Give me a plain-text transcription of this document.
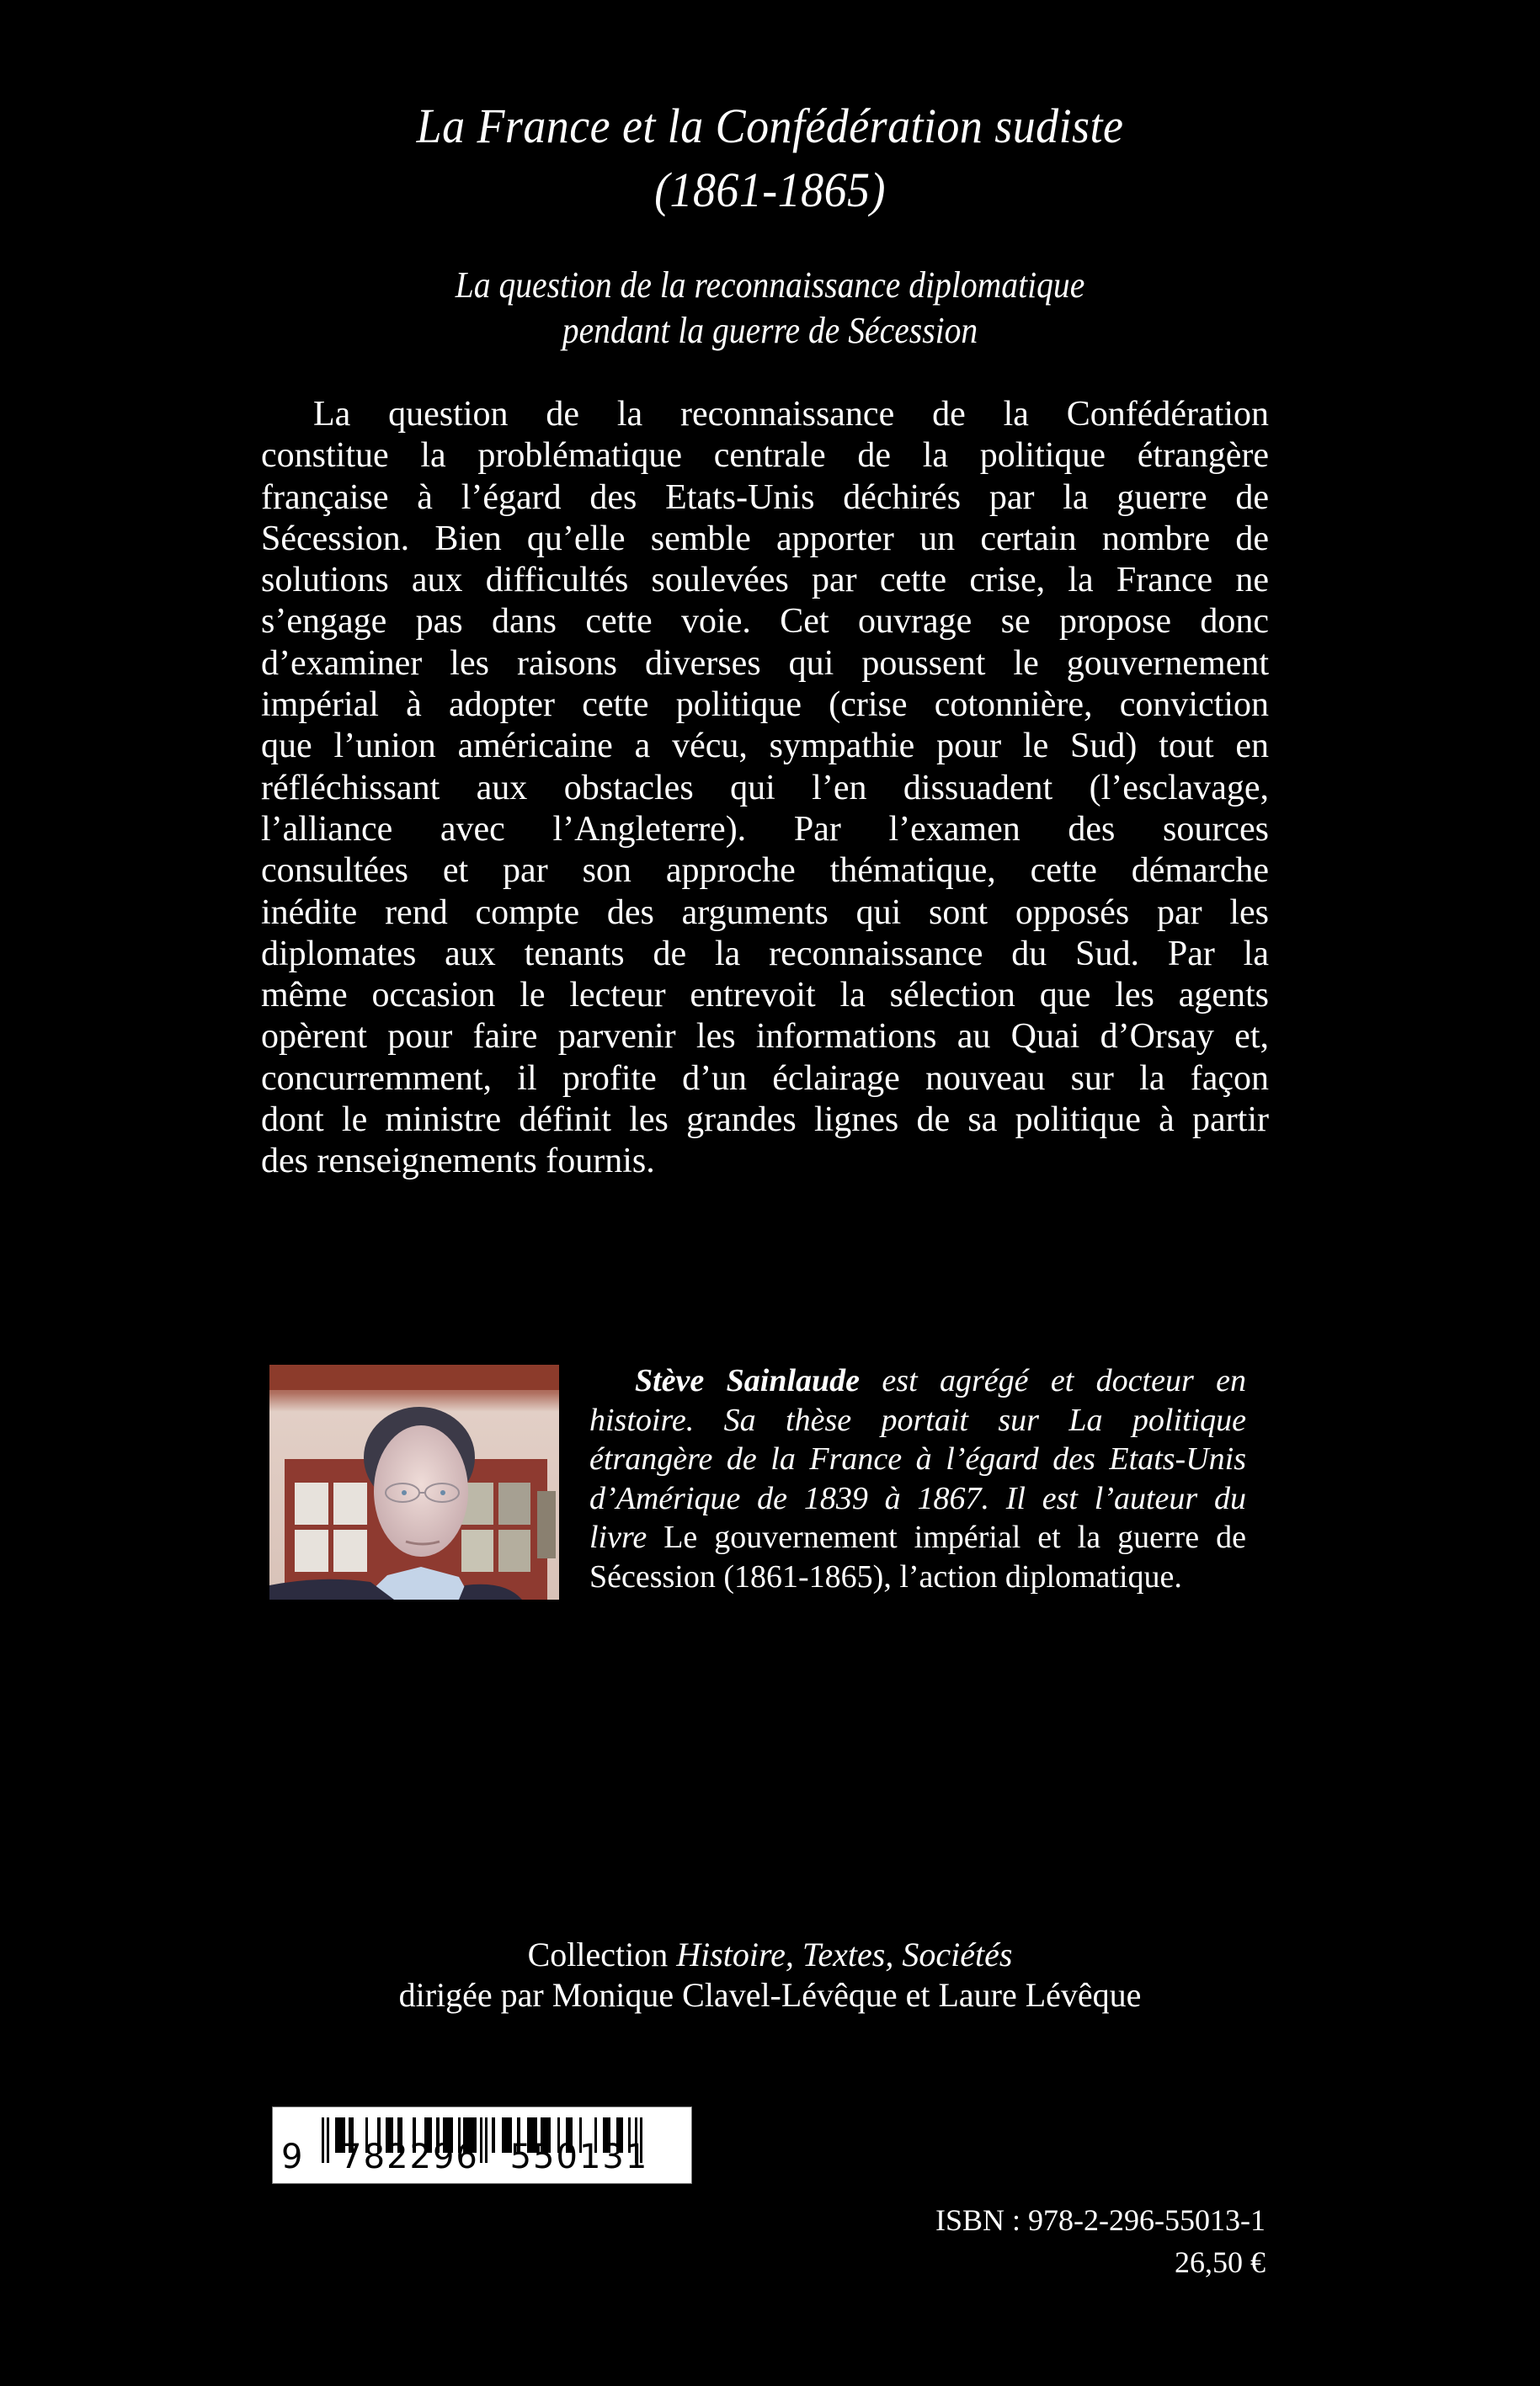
La France et la Confédération sudiste
(1861-1865)
La question de la reconnaissance diplomatique
pendant la guerre de Sécession
La question de la reconnaissance de la Confédération
constitue la problématique centrale de la politique étrangère
française à l’égard des Etats-Unis déchirés par la guerre de
Sécession. Bien qu’elle semble apporter un certain nombre de
solutions aux difficultés soulevées par cette crise, la France ne
s’engage pas dans cette voie. Cet ouvrage se propose donc
d’examiner les raisons diverses qui poussent le gouvernement
impérial à adopter cette politique (crise cotonnière, conviction
que l’union américaine a vécu, sympathie pour le Sud) tout en
réfléchissant aux obstacles qui l’en dissuadent (l’esclavage,
l’alliance avec l’Angleterre). Par l’examen des sources
consultées et par son approche thématique, cette démarche
inédite rend compte des arguments qui sont opposés par les
diplomates aux tenants de la reconnaissance du Sud. Par la
même occasion le lecteur entrevoit la sélection que les agents
opèrent pour faire parvenir les informations au Quai d’Orsay et,
concurremment, il profite d’un éclairage nouveau sur la façon
dont le ministre définit les grandes lignes de sa politique à partir
des renseignements fournis.
Stève Sainlaude est agrégé et docteur en
histoire. Sa thèse portait sur La politique
étrangère de la France à l’égard des Etats-Unis
d’Amérique de 1839 à 1867. Il est l’auteur du
livre Le gouvernement impérial et la guerre de
Sécession (1861-1865), l’action diplomatique.
Collection Histoire, Textes, Sociétés
dirigée par Monique Clavel-Lévêque et Laure Lévêque
9 782296 550131
ISBN : 978-2-296-55013-1
26,50 €
